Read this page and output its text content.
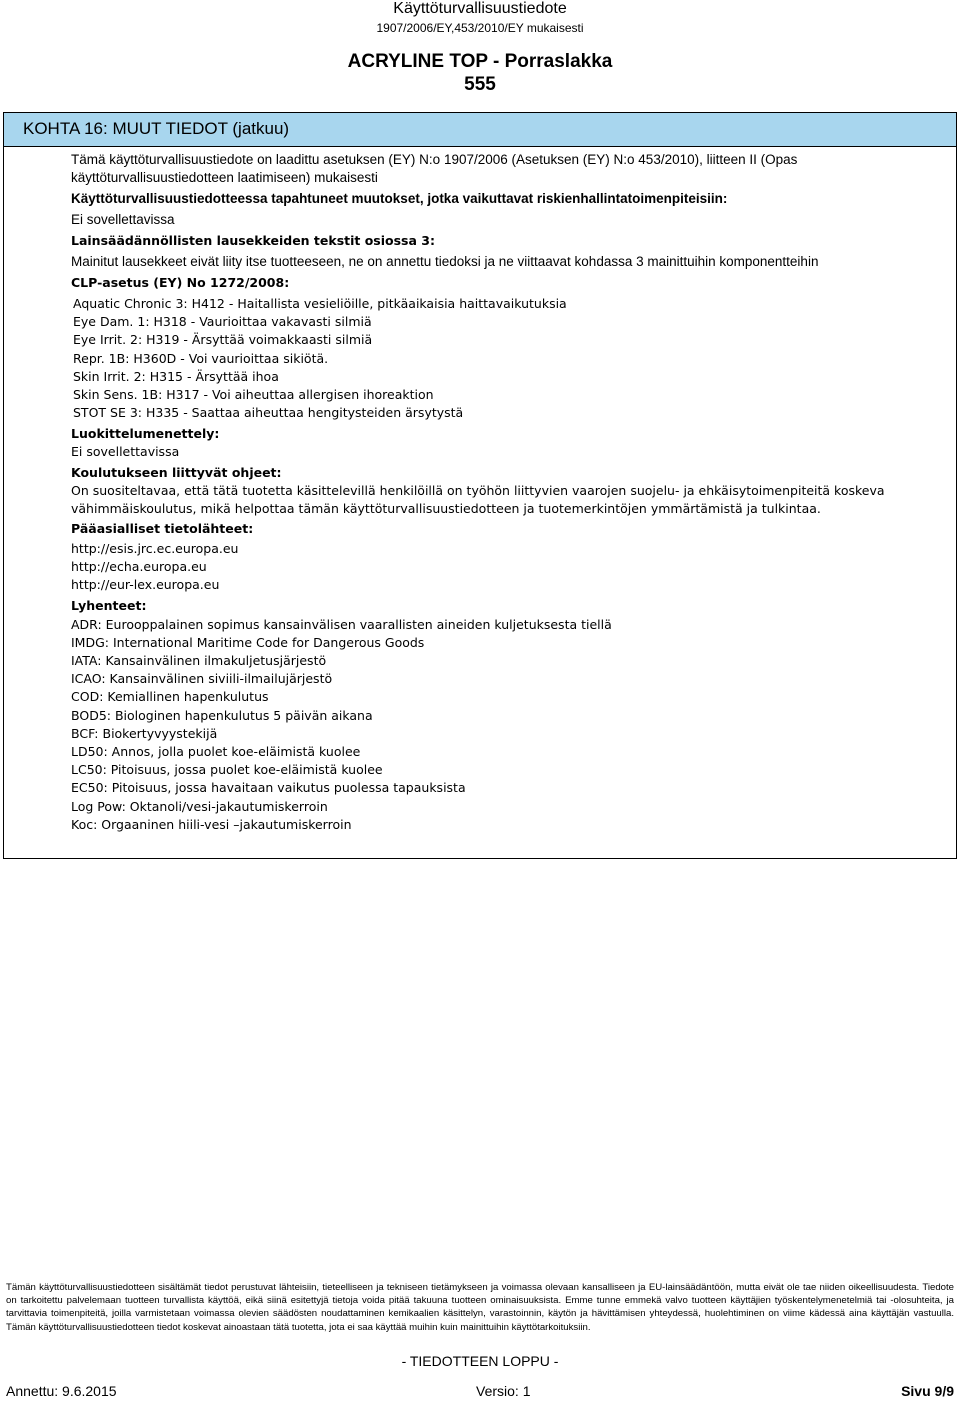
Käyttöturvallisuustiedote
1907/2006/EY,453/2010/EY mukaisesti
ACRYLINE TOP - Porraslakka
555
KOHTA 16: MUUT TIEDOT (jatkuu)
Tämä käyttöturvallisuustiedote on laadittu asetuksen (EY) N:o 1907/2006 (Asetuksen (EY) N:o 453/2010), liitteen II (Opas
käyttöturvallisuustiedotteen laatimiseen) mukaisesti
Käyttöturvallisuustiedotteessa tapahtuneet muutokset, jotka vaikuttavat riskienhallintatoimenpiteisiin:
Ei sovellettavissa
Lainsäädännöllisten lausekkeiden tekstit osiossa 3:
Mainitut lausekkeet eivät liity itse tuotteeseen, ne on annettu tiedoksi ja ne viittaavat kohdassa 3 mainittuihin komponentteihin
CLP-asetus (EY) No 1272/2008:
Aquatic Chronic 3: H412 - Haitallista vesieliöille, pitkäaikaisia haittavaikutuksia
Eye Dam. 1: H318 - Vaurioittaa vakavasti silmiä
Eye Irrit. 2: H319 - Ärsyttää voimakkaasti silmiä
Repr. 1B: H360D - Voi vaurioittaa sikiötä.
Skin Irrit. 2: H315 - Ärsyttää ihoa
Skin Sens. 1B: H317 - Voi aiheuttaa allergisen ihoreaktion
STOT SE 3: H335 - Saattaa aiheuttaa hengitysteiden ärsytystä
Luokittelumenettely:
Ei sovellettavissa
Koulutukseen liittyvät ohjeet:
On suositeltavaa, että tätä tuotetta käsittelevillä henkilöillä on työhön liittyvien vaarojen suojelu- ja ehkäisytoimenpiteitä koskeva
vähimmäiskoulutus, mikä helpottaa tämän käyttöturvallisuustiedotteen ja tuotemerkintöjen ymmärtämistä ja tulkintaa.
Pääasialliset tietolähteet:
http://esis.jrc.ec.europa.eu
http://echa.europa.eu
http://eur-lex.europa.eu
Lyhenteet:
ADR: Eurooppalainen sopimus kansainvälisen vaarallisten aineiden kuljetuksesta tiellä
IMDG: International Maritime Code for Dangerous Goods
IATA: Kansainvälinen ilmakuljetusjärjestö
ICAO: Kansainvälinen siviili-ilmailujärjestö
COD: Kemiallinen hapenkulutus
BOD5: Biologinen hapenkulutus 5 päivän aikana
BCF: Biokertyvyystekijä
LD50: Annos, jolla puolet koe-eläimistä kuolee
LC50: Pitoisuus, jossa puolet koe-eläimistä kuolee
EC50: Pitoisuus, jossa havaitaan vaikutus puolessa tapauksista
Log Pow: Oktanoli/vesi-jakautumiskerroin
Koc: Orgaaninen hiili-vesi –jakautumiskerroin
Tämän käyttöturvallisuustiedotteen sisältämät tiedot perustuvat lähteisiin, tieteelliseen ja tekniseen tietämykseen ja voimassa olevaan kansalliseen ja EU-lainsäädäntöön, mutta eivät ole tae niiden oikeellisuudesta. Tiedote on tarkoitettu palvelemaan tuotteen turvallista käyttöä, eikä siinä esitettyjä tietoja voida pitää takuuna tuotteen ominaisuuksista. Emme tunne emmekä valvo tuotteen käyttäjien työskentelymenetelmiä tai -olosuhteita, ja tarvittavia toimenpiteitä, joilla varmistetaan voimassa olevien säädösten noudattaminen kemikaalien käsittelyn, varastoinnin, käytön ja hävittämisen yhteydessä, huolehtiminen on viime kädessä aina käyttäjän vastuulla. Tämän käyttöturvallisuustiedotteen tiedot koskevat ainoastaan tätä tuotetta, jota ei saa käyttää muihin kuin mainittuihin käyttötarkoituksiin.
- TIEDOTTEEN LOPPU -
Annettu: 9.6.2015	Versio: 1	Sivu 9/9
